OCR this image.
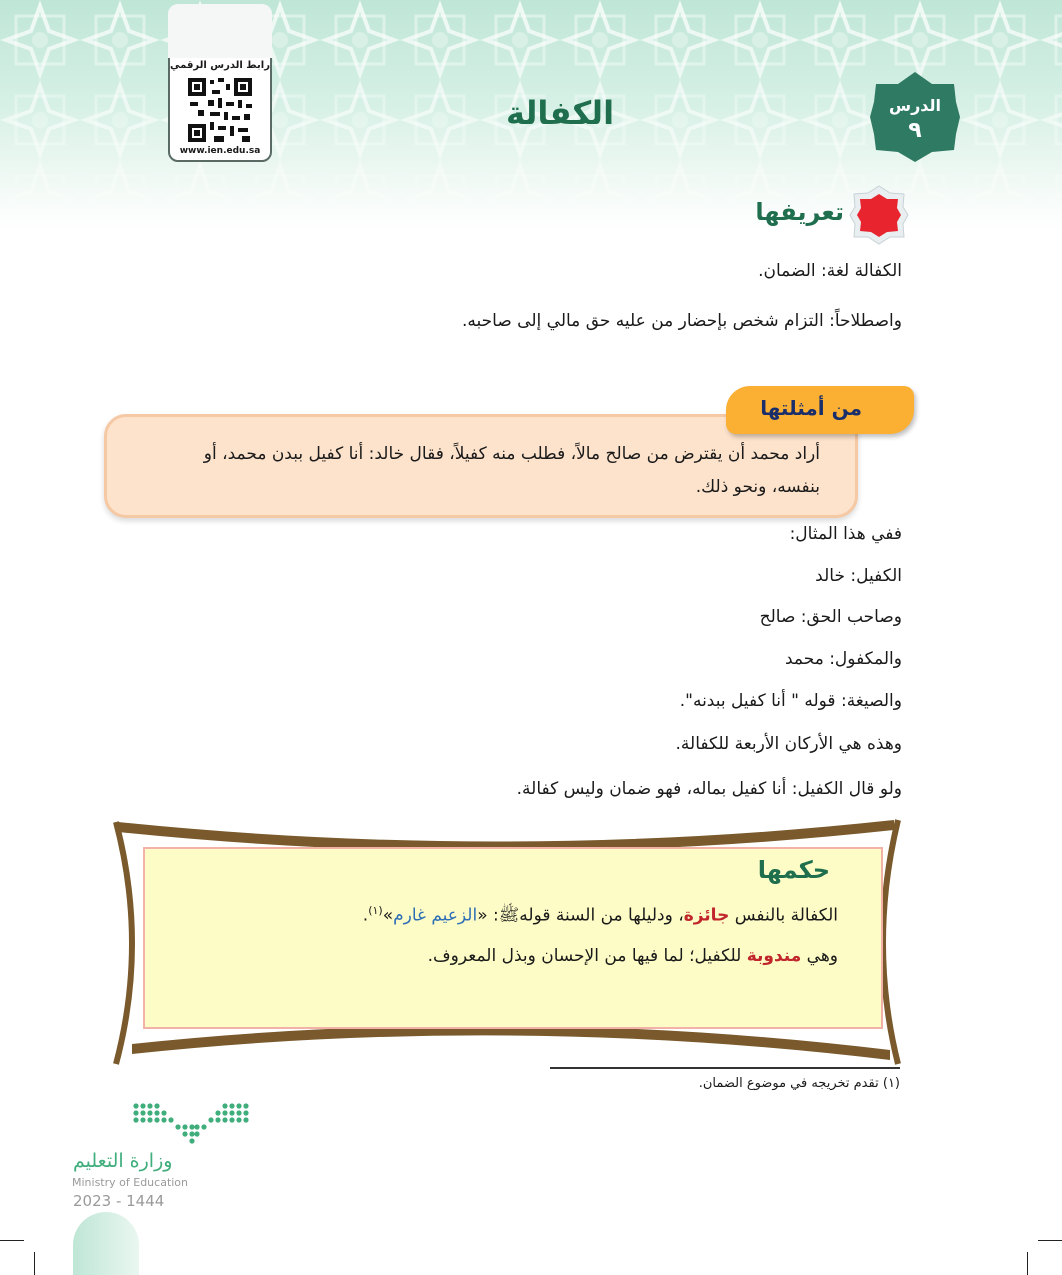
الدرس
٩
الكفالة
رابط الدرس الرقمي
www.ien.edu.sa
تعريفها
الكفالة لغة: الضمان.
واصطلاحاً: التزام شخص بإحضار من عليه حق مالي إلى صاحبه.
من أمثلتها
أراد محمد أن يقترض من صالح مالاً، فطلب منه كفيلاً، فقال خالد: أنا كفيل ببدن محمد، أو
بنفسه، ونحو ذلك.
ففي هذا المثال:
الكفيل: خالد
وصاحب الحق: صالح
والمكفول: محمد
والصيغة: قوله " أنا كفيل ببدنه".
وهذه هي الأركان الأربعة للكفالة.
ولو قال الكفيل: أنا كفيل بماله، فهو ضمان وليس كفالة.
حكمها
الكفالة بالنفس جائزة، ودليلها من السنة قولهﷺ: «الزعيم غارم»$^{(١)}$.
وهي مندوبة للكفيل؛ لما فيها من الإحسان وبذل المعروف.
(١) تقدم تخريجه في موضوع الضمان.
وزارة التعليم
Ministry of Education
2023 - 1444
